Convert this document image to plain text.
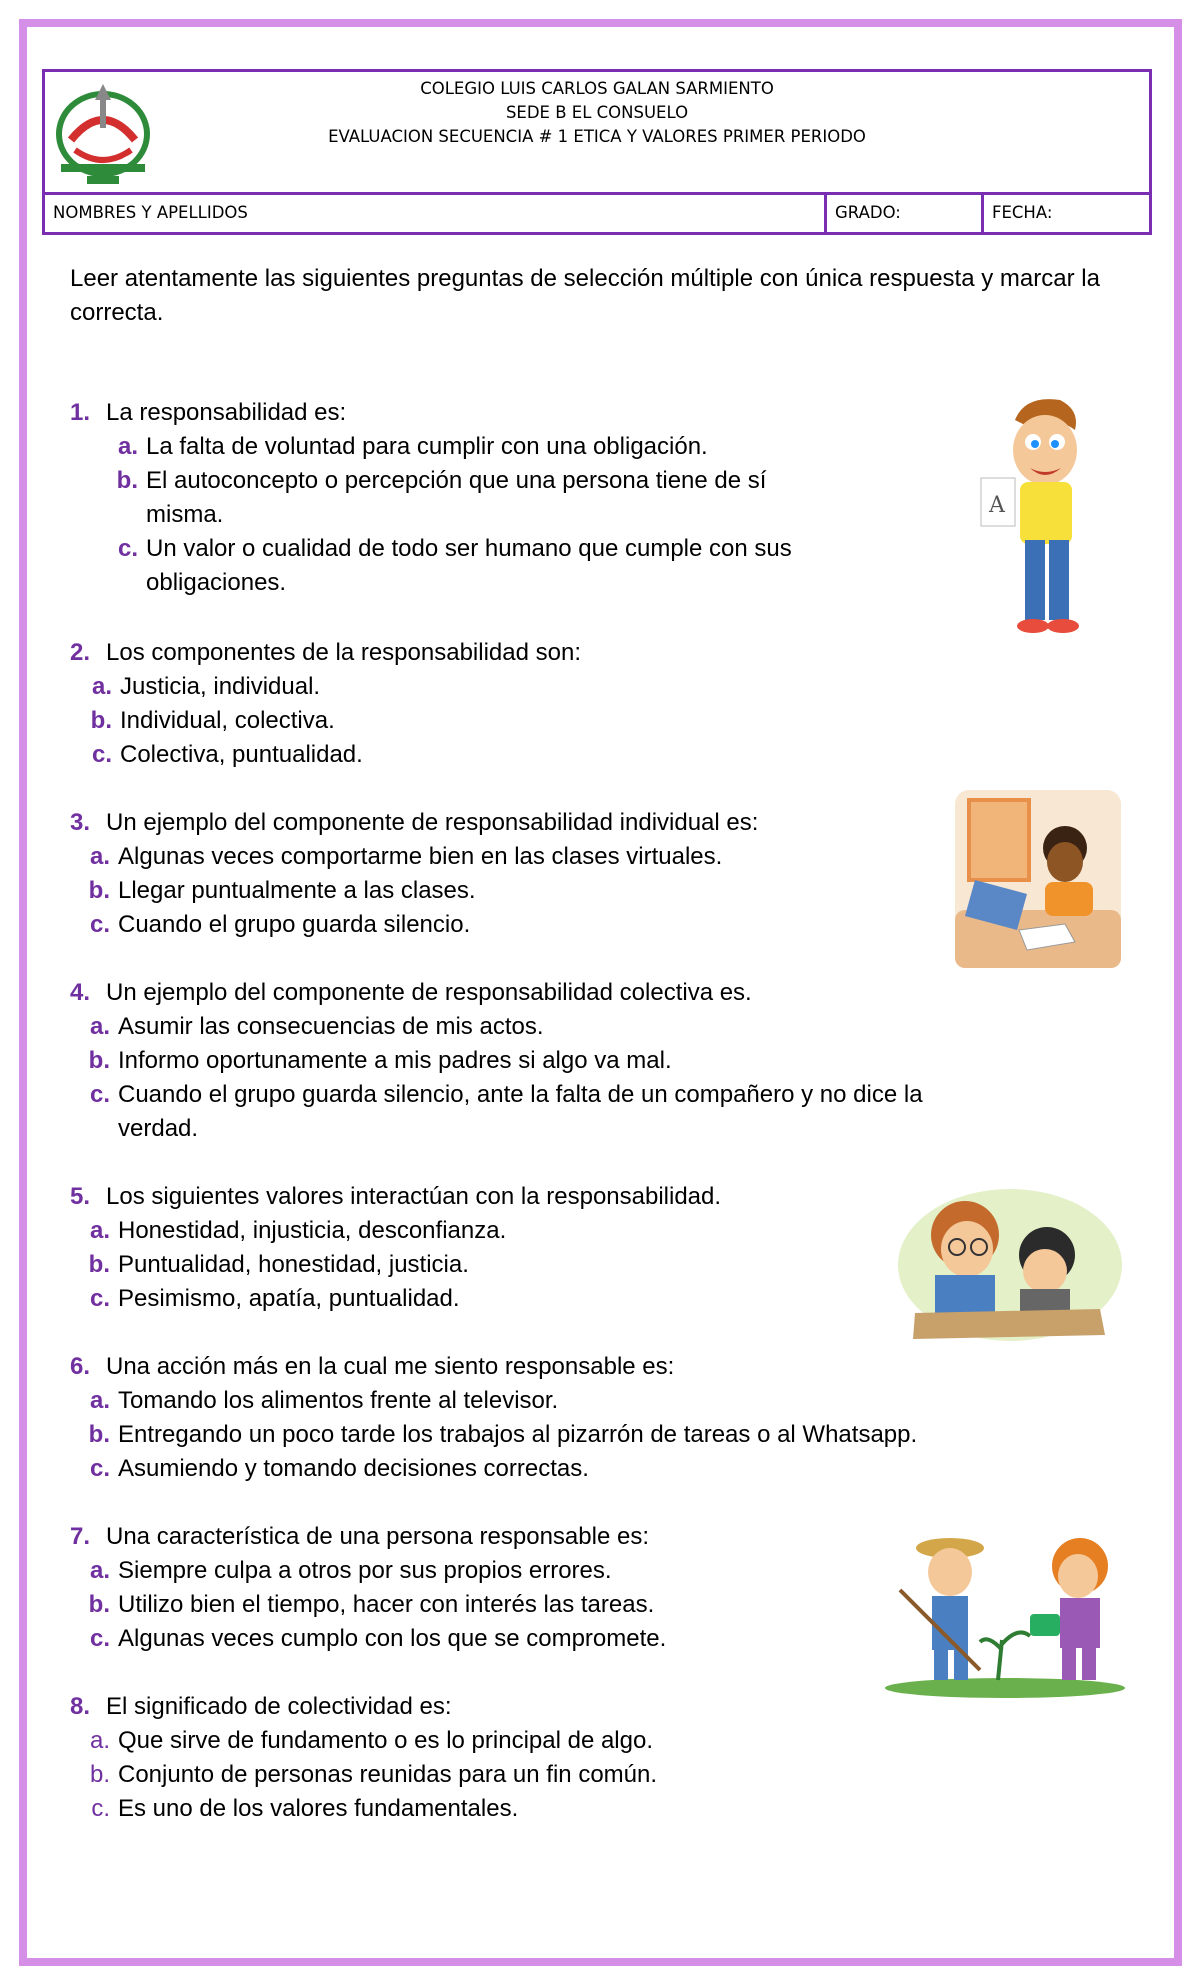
COLEGIO LUIS CARLOS GALAN SARMIENTO
SEDE B EL CONSUELO
EVALUACION SECUENCIA # 1 ETICA Y VALORES PRIMER PERIODO
NOMBRES Y APELLIDOS	GRADO:	FECHA:
Leer atentamente las siguientes preguntas de selección múltiple con única respuesta y marcar la correcta.
1. La responsabilidad es:
a. La falta de voluntad para cumplir con una obligación.
b. El autoconcepto o percepción que una persona tiene de sí
misma.
c. Un valor o cualidad de todo ser humano que cumple con sus
obligaciones.
2. Los componentes de la responsabilidad son:
a. Justicia, individual.
b. Individual, colectiva.
c. Colectiva, puntualidad.
3. Un ejemplo del componente de responsabilidad individual es:
a. Algunas veces comportarme bien en las clases virtuales.
b. Llegar puntualmente a las clases.
c. Cuando el grupo guarda silencio.
4. Un ejemplo del componente de responsabilidad colectiva es.
a. Asumir las consecuencias de mis actos.
b. Informo oportunamente a mis padres si algo va mal.
c. Cuando el grupo guarda silencio, ante la falta de un compañero y no dice la
verdad.
5. Los siguientes valores interactúan con la responsabilidad.
a. Honestidad, injusticia, desconfianza.
b. Puntualidad, honestidad, justicia.
c. Pesimismo, apatía, puntualidad.
6. Una acción más en la cual me siento responsable es:
a. Tomando los alimentos frente al televisor.
b. Entregando un poco tarde los trabajos al pizarrón de tareas o al Whatsapp.
c. Asumiendo y tomando decisiones correctas.
7. Una característica de una persona responsable es:
a. Siempre culpa a otros por sus propios errores.
b. Utilizo bien el tiempo, hacer con interés las tareas.
c. Algunas veces cumplo con los que se compromete.
8. El significado de colectividad es:
a. Que sirve de fundamento o es lo principal de algo.
b. Conjunto de personas reunidas para un fin común.
c. Es uno de los valores fundamentales.
A
